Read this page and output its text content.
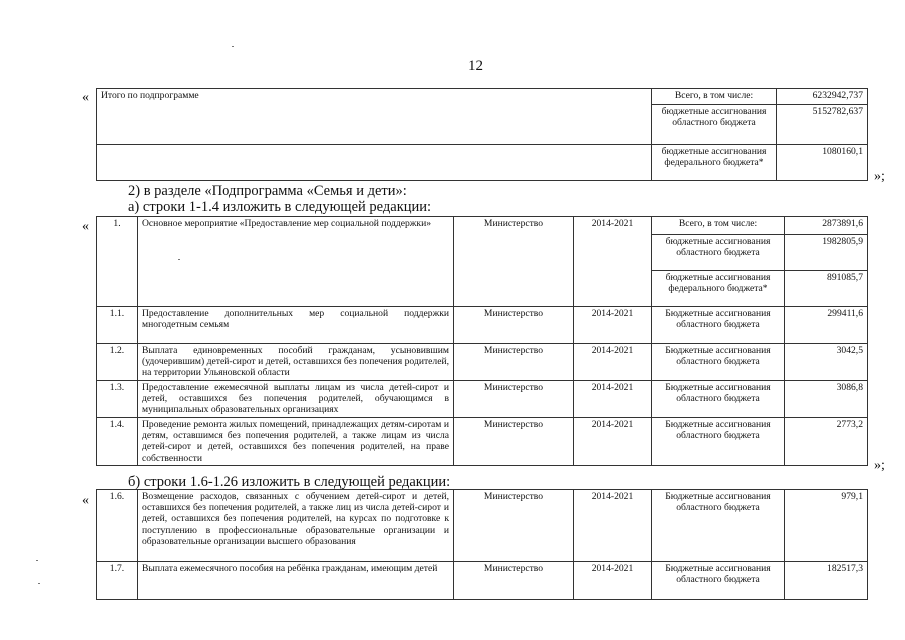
12
« Итого по подпрограмме	Всего, в том числе:	6232942,737
	бюджетные ассигнования областного бюджета	5152782,637
	бюджетные ассигнования федерального бюджета*	1080160,1
»;
2) в разделе «Подпрограмма «Семья и дети»:
а) строки 1-1.4 изложить в следующей редакции:
«	1.	Основное мероприятие «Предоставление мер социальной поддержки»	Министерство	2014-2021	Всего, в том числе:	2873891,6
				бюджетные ассигнования областного бюджета	1982805,9
				бюджетные ассигнования федерального бюджета*	891085,7
1.1.	Предоставление дополнительных мер социальной поддержки многодетным семьям	Министерство	2014-2021	Бюджетные ассигнования областного бюджета	299411,6
1.2.	Выплата единовременных пособий гражданам, усыновившим (удочерившим) детей-сирот и детей, оставшихся без попечения родителей, на территории Ульяновской области	Министерство	2014-2021	Бюджетные ассигнования областного бюджета	3042,5
1.3.	Предоставление ежемесячной выплаты лицам из числа детей-сирот и детей, оставшихся без попечения родителей, обучающимся в муниципальных образовательных организациях	Министерство	2014-2021	Бюджетные ассигнования областного бюджета	3086,8
1.4.	Проведение ремонта жилых помещений, принадлежащих детям-сиротам и детям, оставшимся без попечения родителей, а также лицам из числа детей-сирот и детей, оставшихся без попечения родителей, на праве собственности	Министерство	2014-2021	Бюджетные ассигнования областного бюджета	2773,2
»;
б) строки 1.6-1.26 изложить в следующей редакции:
« 1.6.	Возмещение расходов, связанных с обучением детей-сирот и детей, оставшихся без попечения родителей, а также лиц из числа детей-сирот и детей, оставшихся без попечения родителей, на курсах по подготовке к поступлению в профессиональные образовательные организации и образовательные организации высшего образования	Министерство	2014-2021	Бюджетные ассигнования областного бюджета	979,1
1.7.	Выплата ежемесячного пособия на ребёнка гражданам, имеющим детей	Министерство	2014-2021	Бюджетные ассигнования областного бюджета	182517,3
